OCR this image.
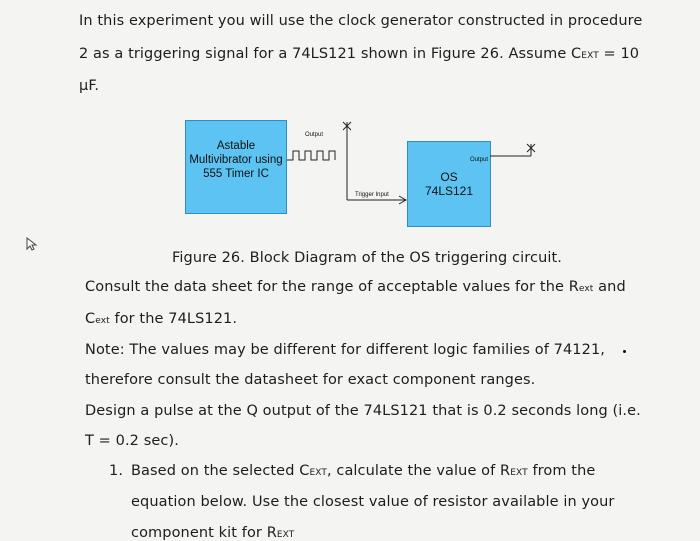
In this experiment you will use the clock generator constructed in procedure
2 as a triggering signal for a 74LS121 shown in Figure 26. Assume CEXT = 10
μF.
Astable
Multivibrator using
555 Timer IC	OS
74LS121
Output
Trigger Input
Output
Figure 26. Block Diagram of the OS triggering circuit.
Consult the data sheet for the range of acceptable values for the Rext and
Cext for the 74LS121.
Note: The values may be different for different logic families of 74121,
therefore consult the datasheet for exact component ranges.
Design a pulse at the Q output of the 74LS121 that is 0.2 seconds long (i.e.
T = 0.2 sec).
1. Based on the selected CEXT, calculate the value of REXT from the
equation below. Use the closest value of resistor available in your
component kit for REXT
